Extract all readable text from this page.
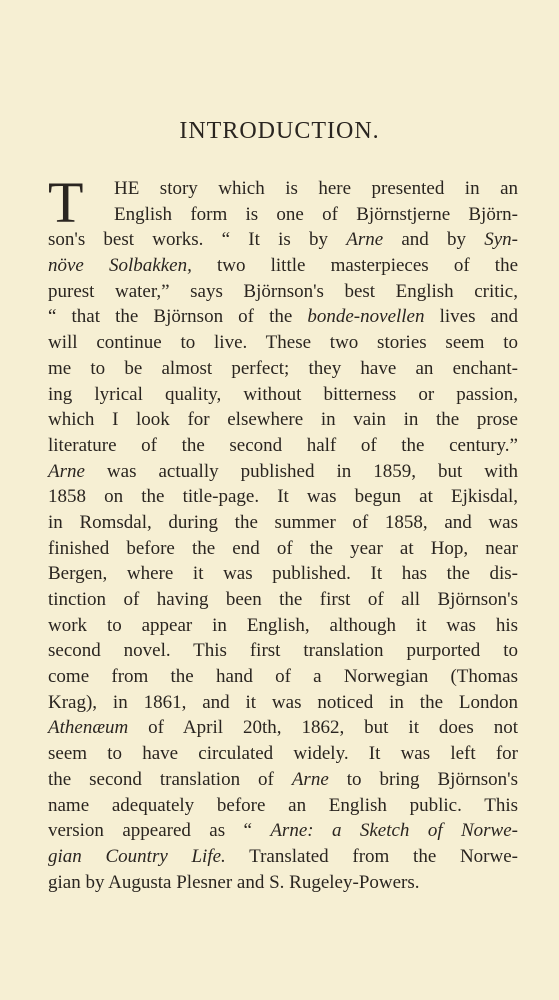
INTRODUCTION.
T	HE story which is here presented in an
English form is one of Björnstjerne Björn-
son's best works. “ It is by Arne and by Syn-
növe Solbakken, two little masterpieces of the
purest water,” says Björnson's best English critic,
“ that the Björnson of the bonde-novellen lives and
will continue to live. These two stories seem to
me to be almost perfect; they have an enchant-
ing lyrical quality, without bitterness or passion,
which I look for elsewhere in vain in the prose
literature of the second half of the century.”
Arne was actually published in 1859, but with
1858 on the title-page. It was begun at Ejkisdal,
in Romsdal, during the summer of 1858, and was
finished before the end of the year at Hop, near
Bergen, where it was published. It has the dis-
tinction of having been the first of all Björnson's
work to appear in English, although it was his
second novel. This first translation purported to
come from the hand of a Norwegian (Thomas
Krag), in 1861, and it was noticed in the London
Athenæum of April 20th, 1862, but it does not
seem to have circulated widely. It was left for
the second translation of Arne to bring Björnson's
name adequately before an English public. This
version appeared as “ Arne: a Sketch of Norwe-
gian Country Life. Translated from the Norwe-
gian by Augusta Plesner and S. Rugeley-Powers.
